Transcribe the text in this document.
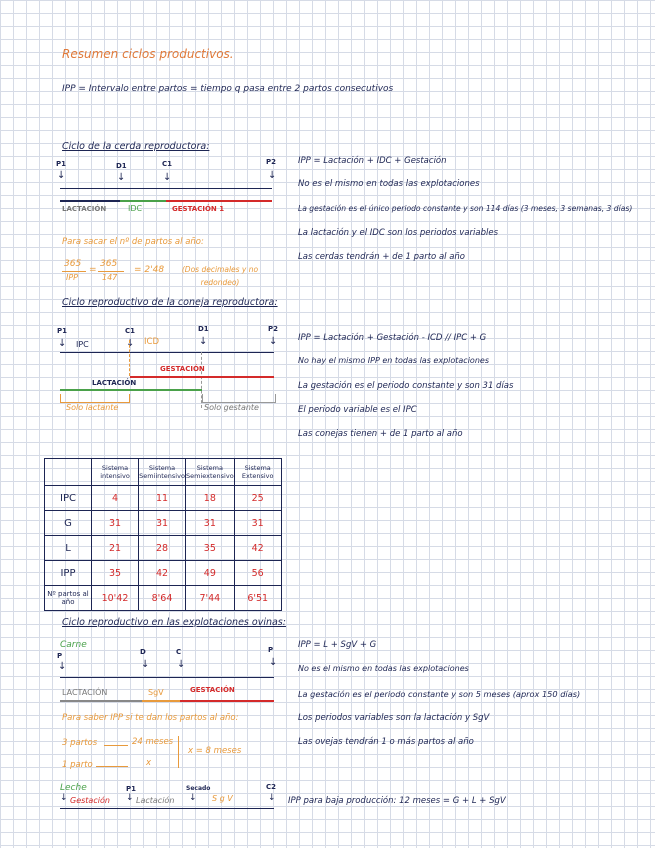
Resumen ciclos productivos.
IPP = Intervalo entre partos = tiempo q pasa entre 2 partos consecutivos
Ciclo de la cerda reproductora:
P1	D1	C1	P2
↓	↓	↓	↓
LACTACIÓN	IDC	GESTACIÓN 1
Para sacar el nº de partos al año:
365
IPP
=
365
147
= 2'48	(Dos decimales y no redondeo)
IPP = Lactación + IDC + Gestación
No es el mismo en todas las explotaciones
La gestación es el único periodo constante y son 114 días (3 meses, 3 semanas, 3 días)
La lactación y el IDC son los periodos variables
Las cerdas tendrán + de 1 parto al año
Ciclo reproductivo de la coneja reproductora:
P1	C1	D1	P2
↓	↓	↓	↓
IPC	ICD
GESTACIÓN
LACTACIÓN
Solo lactante	Solo gestante
IPP = Lactación + Gestación - ICD // IPC + G
No hay el mismo IPP en todas las explotaciones
La gestación es el periodo constante y son 31 días
El periodo variable es el IPC
Las conejas tienen + de 1 parto al año
	Sistema intensivo	Sistema Semiintensivo	Sistema Semiextensivo	Sistema Extensivo
IPC	4	11	18	25
G	31	31	31	31
L	21	28	35	42
IPP	35	42	49	56
Nº partos al año	10'42	8'64	7'44	6'51
Ciclo reproductivo en las explotaciones ovinas:
Carne
P	D	C	P
↓	↓	↓	↓
LACTACIÓN	SgV	GESTACIÓN
Para saber IPP si te dan los partos al año:
3 partos	24 meses
1 parto	x
x = 8 meses
Leche	P1	Secado	C2
↓	↓	↓	↓
Gestación	Lactación	S g V
IPP = L + SgV + G
No es el mismo en todas las explotaciones
La gestación es el periodo constante y son 5 meses (aprox 150 días)
Los periodos variables son la lactación y SgV
Las ovejas tendrán 1 o más partos al año
IPP para baja producción: 12 meses = G + L + SgV
